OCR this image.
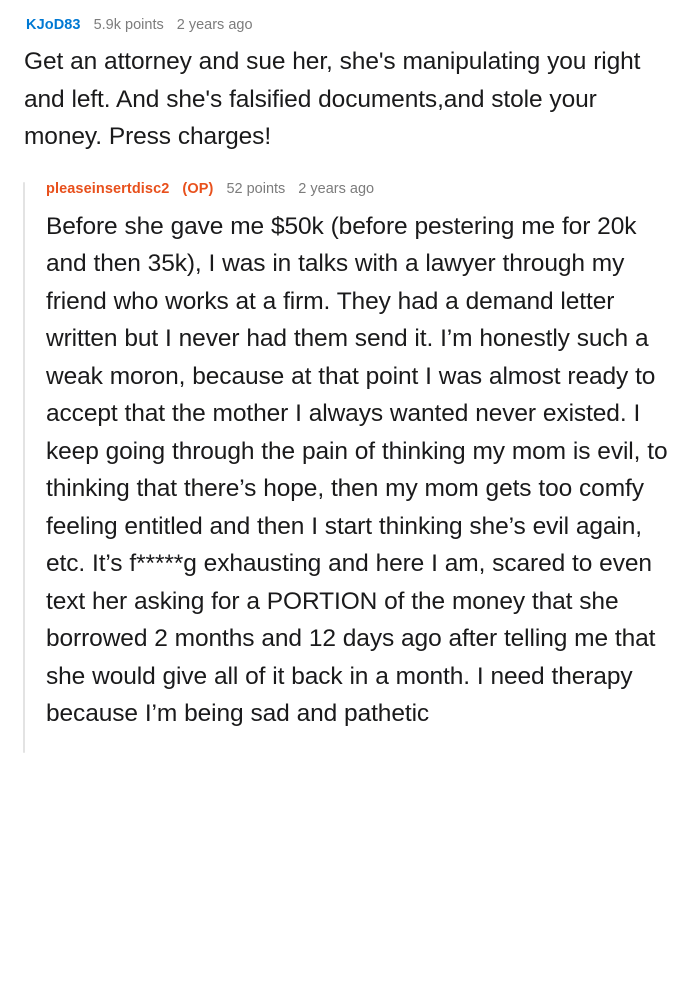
KJoD83 5.9k points 2 years ago
Get an attorney and sue her, she's manipulating you right and left. And she's falsified documents,and stole your money. Press charges!
pleaseinsertdisc2 (OP) 52 points 2 years ago
Before she gave me $50k (before pestering me for 20k and then 35k), I was in talks with a lawyer through my friend who works at a firm. They had a demand letter written but I never had them send it. I’m honestly such a weak moron, because at that point I was almost ready to accept that the mother I always wanted never existed. I keep going through the pain of thinking my mom is evil, to thinking that there’s hope, then my mom gets too comfy feeling entitled and then I start thinking she’s evil again, etc. It’s f*****g exhausting and here I am, scared to even text her asking for a PORTION of the money that she borrowed 2 months and 12 days ago after telling me that she would give all of it back in a month. I need therapy because I’m being sad and pathetic
